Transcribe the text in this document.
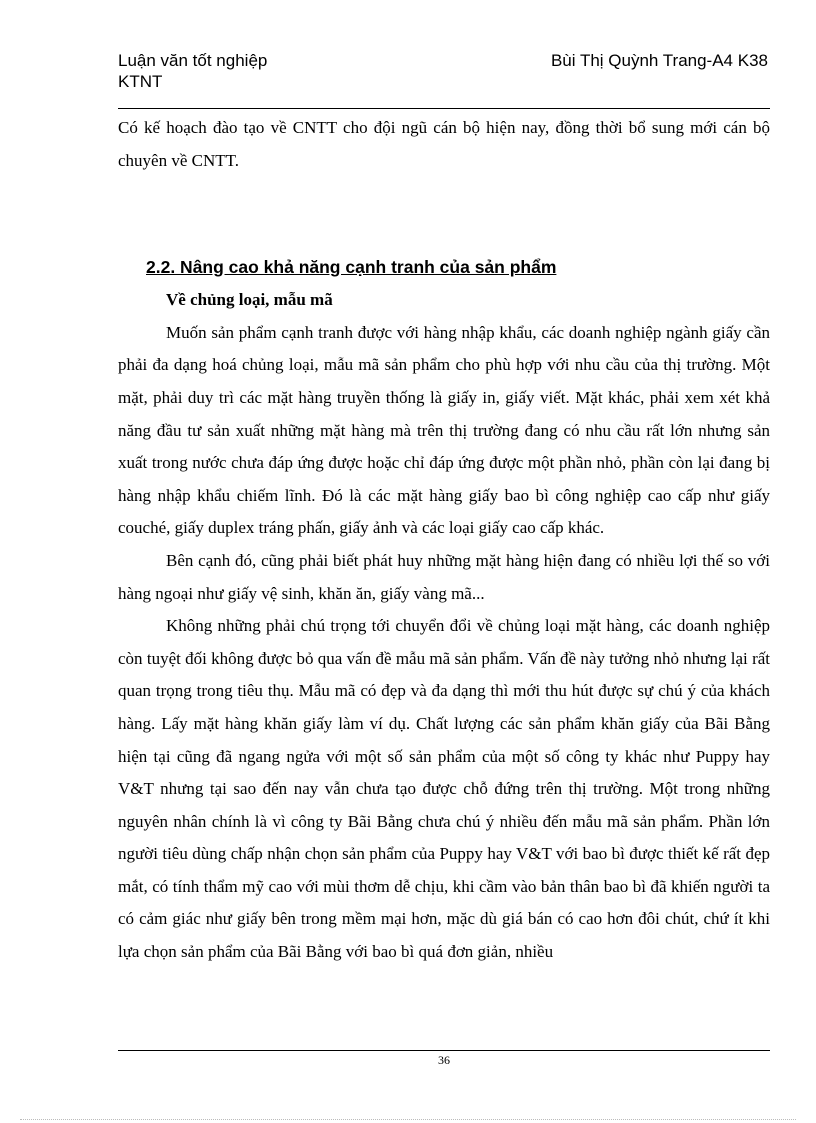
Luận văn tốt nghiệp
KTNT
Bùi Thị Quỳnh Trang-A4 K38

Có kế hoạch đào tạo về CNTT cho đội ngũ cán bộ hiện nay, đồng thời bổ sung mới cán bộ chuyên về CNTT.

2.2. Nâng cao khả năng cạnh tranh của sản phẩm

Về chủng loại, mẫu mã

Muốn sản phẩm cạnh tranh được với hàng nhập khẩu, các doanh nghiệp ngành giấy cần phải đa dạng hoá chủng loại, mẫu mã sản phẩm cho phù hợp với nhu cầu của thị trường. Một mặt, phải duy trì các mặt hàng truyền thống là giấy in, giấy viết. Mặt khác, phải xem xét khả năng đầu tư sản xuất những mặt hàng mà trên thị trường đang có nhu cầu rất lớn nhưng sản xuất trong nước chưa đáp ứng được hoặc chỉ đáp ứng được một phần nhỏ, phần còn lại đang bị hàng nhập khẩu chiếm lĩnh. Đó là các mặt hàng giấy bao bì công nghiệp cao cấp như giấy couché, giấy duplex tráng phấn, giấy ảnh và các loại giấy cao cấp khác.

Bên cạnh đó, cũng phải biết phát huy những mặt hàng hiện đang có nhiều lợi thế so với hàng ngoại như giấy vệ sinh, khăn ăn, giấy vàng mã...

Không những phải chú trọng tới chuyển đổi về chủng loại mặt hàng, các doanh nghiệp còn tuyệt đối không được bỏ qua vấn đề mẫu mã sản phẩm. Vấn đề này tưởng nhỏ nhưng lại rất quan trọng trong tiêu thụ. Mẫu mã có đẹp và đa dạng thì mới thu hút được sự chú ý của khách hàng. Lấy mặt hàng khăn giấy làm ví dụ. Chất lượng các sản phẩm khăn giấy của Bãi Bằng hiện tại cũng đã ngang ngửa với một số sản phẩm của một số công ty khác như Puppy hay V&T nhưng tại sao đến nay vẫn chưa tạo được chỗ đứng trên thị trường. Một trong những nguyên nhân chính là vì công ty Bãi Bằng chưa chú ý nhiều đến mẫu mã sản phẩm. Phần lớn người tiêu dùng chấp nhận chọn sản phẩm của Puppy hay V&T với bao bì được thiết kế rất đẹp mắt, có tính thẩm mỹ cao với mùi thơm dễ chịu, khi cầm vào bản thân bao bì đã khiến người ta có cảm giác như giấy bên trong mềm mại hơn, mặc dù giá bán có cao hơn đôi chút, chứ ít khi lựa chọn sản phẩm của Bãi Bằng với bao bì quá đơn giản, nhiều

36
